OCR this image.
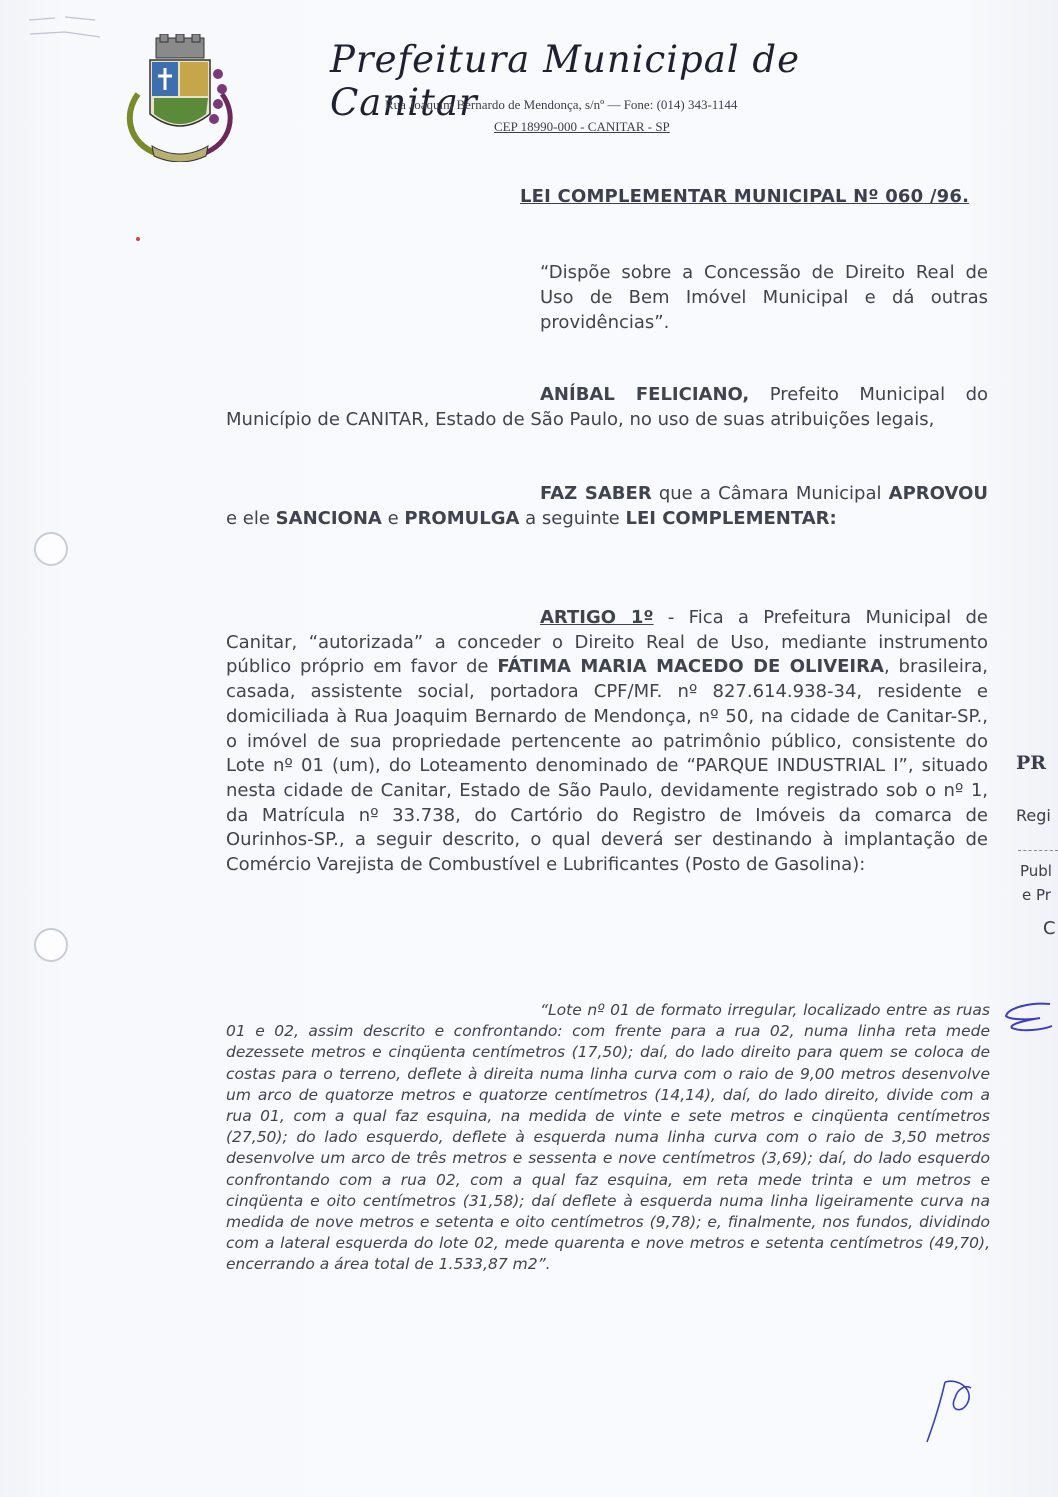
Prefeitura Municipal de Canitar
Rua Joaquim Bernardo de Mendonça, s/nº — Fone: (014) 343-1144
CEP 18990-000 - CANITAR - SP
LEI COMPLEMENTAR MUNICIPAL Nº 060 /96.
“Dispõe sobre a Concessão de Direito Real de Uso de Bem Imóvel Municipal e dá outras providências”.
ANÍBAL FELICIANO, Prefeito Municipal do Município de CANITAR, Estado de São Paulo, no uso de suas atribuições legais,
FAZ SABER que a Câmara Municipal APROVOU e ele SANCIONA e PROMULGA a seguinte LEI COMPLEMENTAR:
ARTIGO 1º - Fica a Prefeitura Municipal de Canitar, “autorizada” a conceder o Direito Real de Uso, mediante instrumento público próprio em favor de FÁTIMA MARIA MACEDO DE OLIVEIRA, brasileira, casada, assistente social, portadora CPF/MF. nº 827.614.938-34, residente e domiciliada à Rua Joaquim Bernardo de Mendonça, nº 50, na cidade de Canitar-SP., o imóvel de sua propriedade pertencente ao patrimônio público, consistente do Lote nº 01 (um), do Loteamento denominado de “PARQUE INDUSTRIAL I”, situado nesta cidade de Canitar, Estado de São Paulo, devidamente registrado sob o nº 1, da Matrícula nº 33.738, do Cartório do Registro de Imóveis da comarca de Ourinhos-SP., a seguir descrito, o qual deverá ser destinando à implantação de Comércio Varejista de Combustível e Lubrificantes (Posto de Gasolina):
“Lote nº 01 de formato irregular, localizado entre as ruas 01 e 02, assim descrito e confrontando: com frente para a rua 02, numa linha reta mede dezessete metros e cinqüenta centímetros (17,50); daí, do lado direito para quem se coloca de costas para o terreno, deflete à direita numa linha curva com o raio de 9,00 metros desenvolve um arco de quatorze metros e quatorze centímetros (14,14), daí, do lado direito, divide com a rua 01, com a qual faz esquina, na medida de vinte e sete metros e cinqüenta centímetros (27,50); do lado esquerdo, deflete à esquerda numa linha curva com o raio de 3,50 metros desenvolve um arco de três metros e sessenta e nove centímetros (3,69); daí, do lado esquerdo confrontando com a rua 02, com a qual faz esquina, em reta mede trinta e um metros e cinqüenta e oito centímetros (31,58); daí deflete à esquerda numa linha ligeiramente curva na medida de nove metros e setenta e oito centímetros (9,78); e, finalmente, nos fundos, dividindo com a lateral esquerda do lote 02, mede quarenta e nove metros e setenta centímetros (49,70), encerrando a área total de 1.533,87 m2”.
PR
Regi
Publ
e Pr
C
